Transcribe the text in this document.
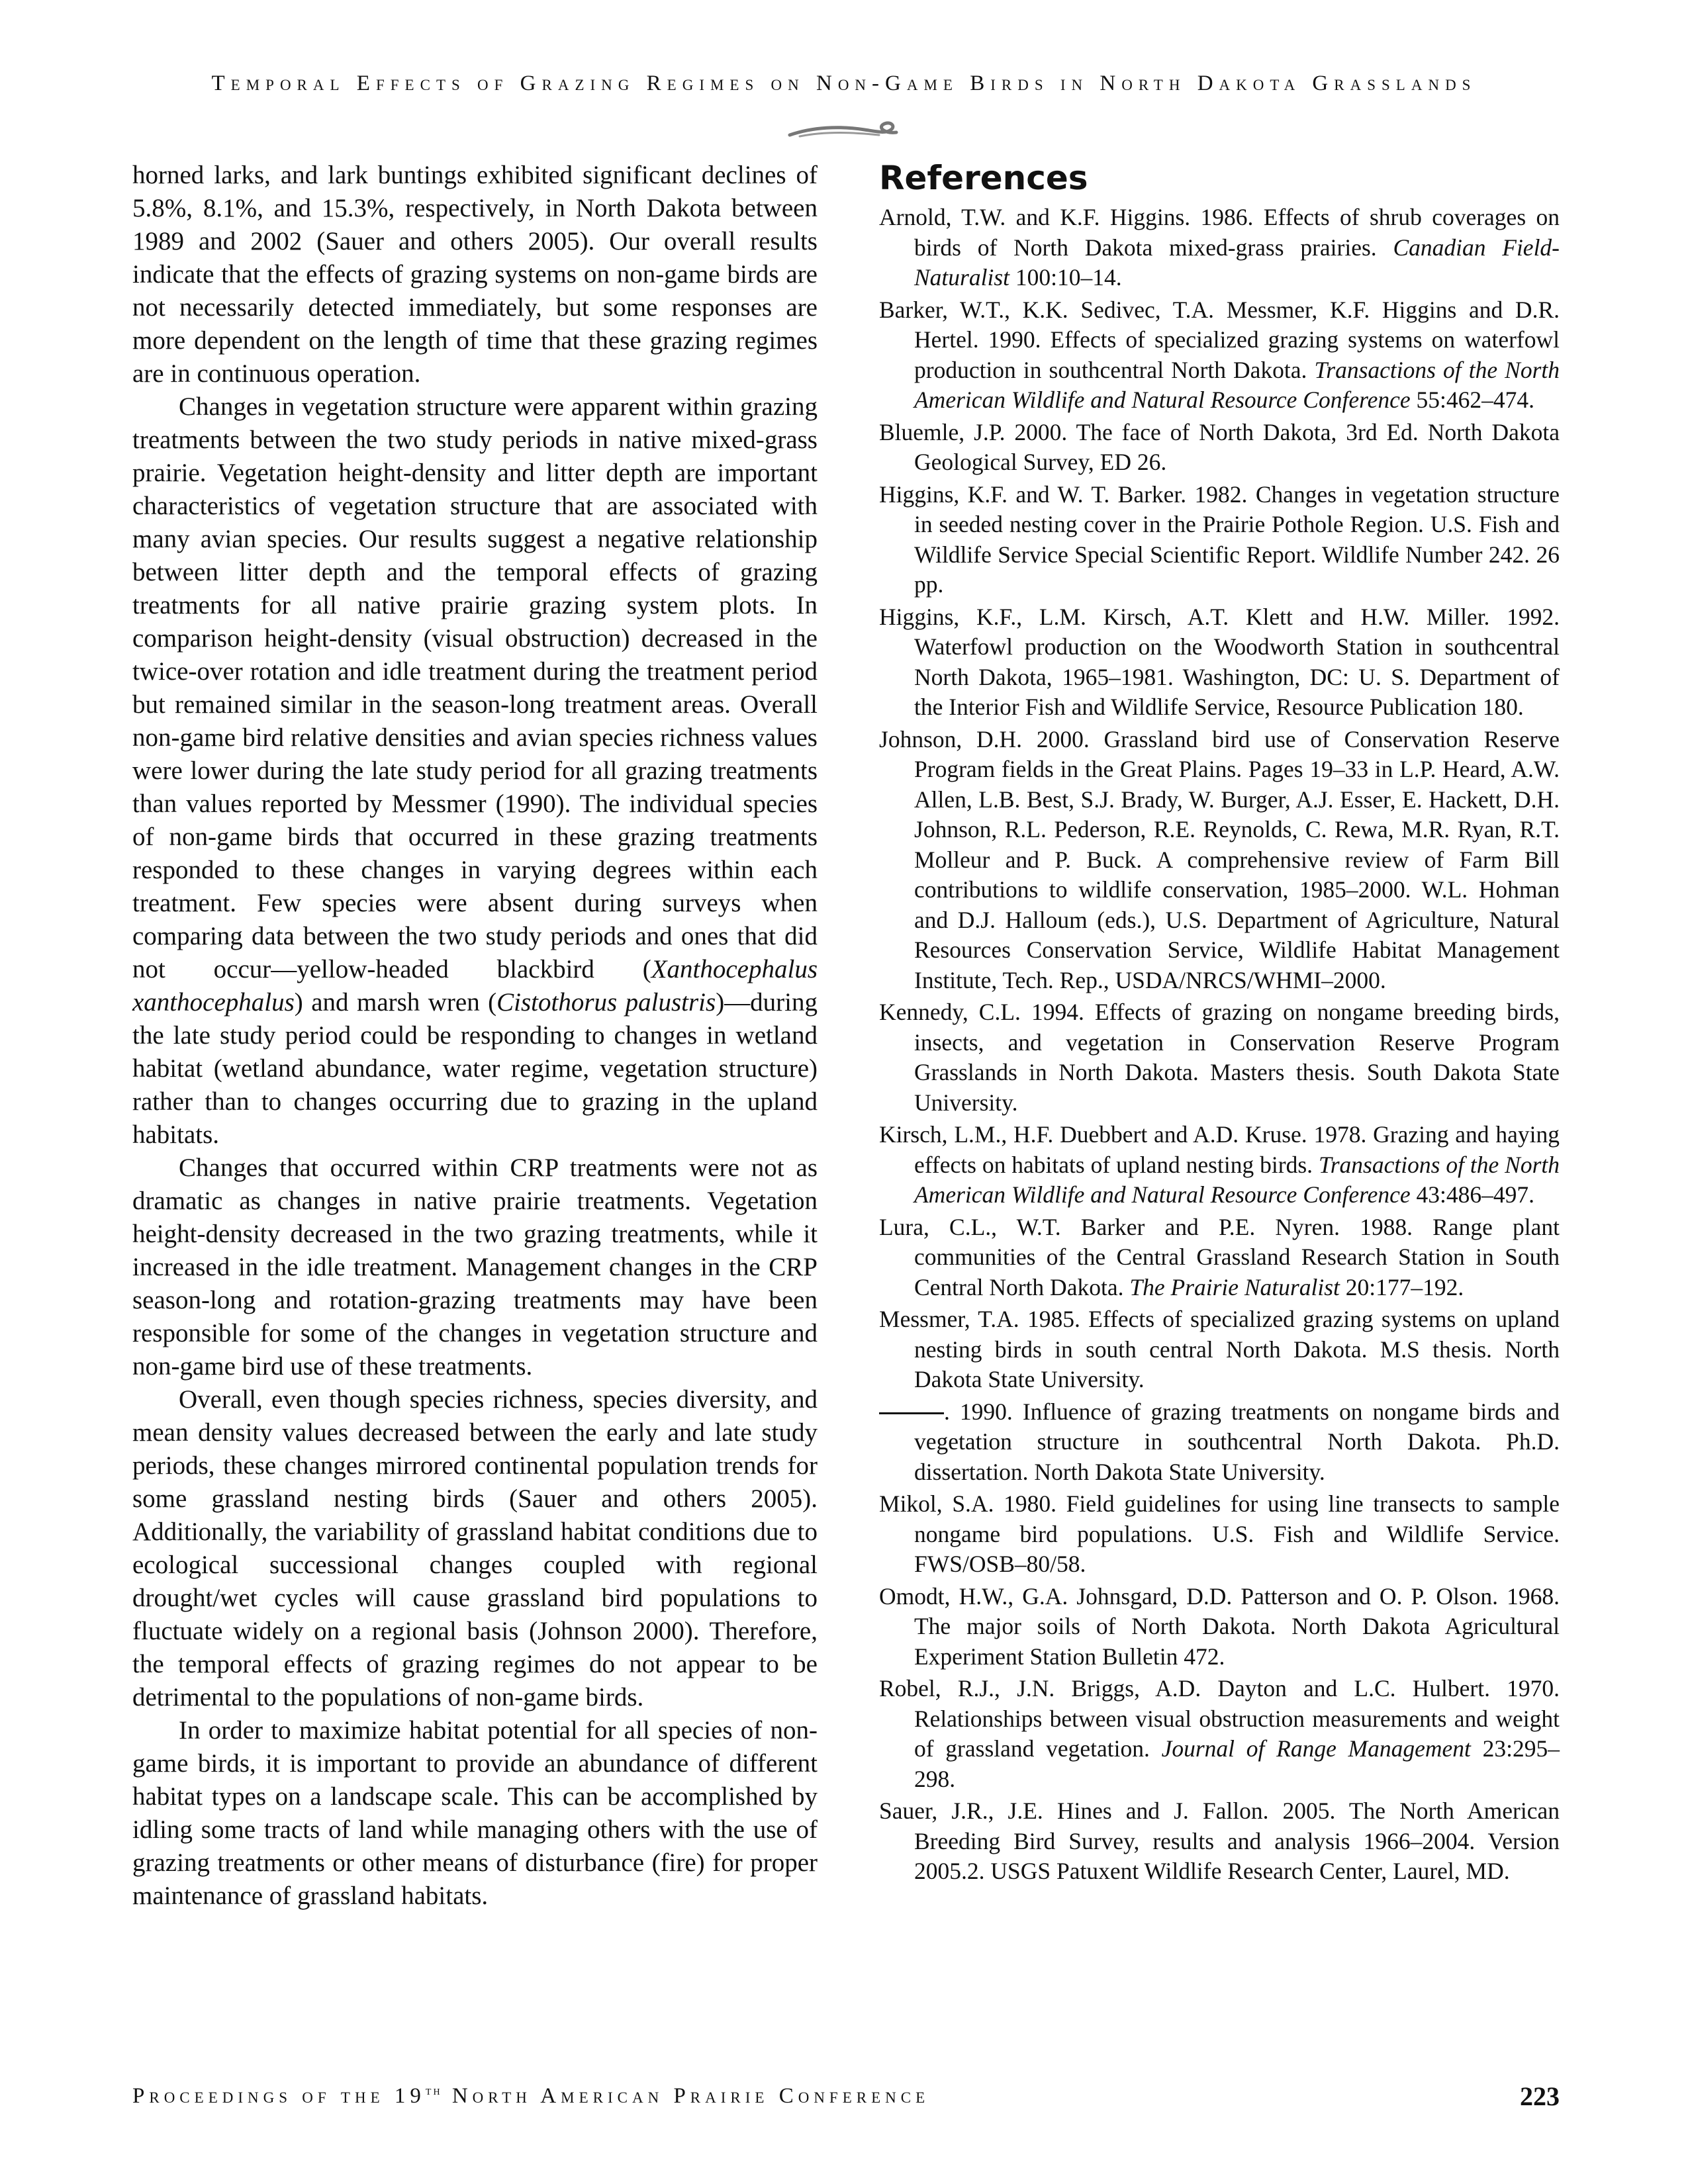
Temporal Effects of Grazing Regimes on Non-Game Birds in North Dakota Grasslands

horned larks, and lark buntings exhibited significant declines of 5.8%, 8.1%, and 15.3%, respectively, in North Dakota between 1989 and 2002 (Sauer and others 2005). Our overall results indicate that the effects of grazing systems on non-game birds are not necessarily detected immediately, but some responses are more dependent on the length of time that these grazing regimes are in continuous operation.

Changes in vegetation structure were apparent within grazing treatments between the two study periods in native mixed-grass prairie. Vegetation height-density and litter depth are important characteristics of vegetation structure that are associated with many avian species. Our results suggest a negative relationship between litter depth and the temporal effects of grazing treatments for all native prairie grazing system plots. In comparison height-density (visual obstruction) decreased in the twice-over rotation and idle treatment during the treatment period but remained similar in the season-long treatment areas. Overall non-game bird relative densities and avian species richness values were lower during the late study period for all grazing treatments than values reported by Messmer (1990). The individual species of non-game birds that occurred in these grazing treatments responded to these changes in varying degrees within each treatment. Few species were absent during surveys when comparing data between the two study periods and ones that did not occur—yellow-headed blackbird (Xanthocephalus xanthocephalus) and marsh wren (Cistothorus palustris)—during the late study period could be responding to changes in wetland habitat (wetland abundance, water regime, vegetation structure) rather than to changes occurring due to grazing in the upland habitats.

Changes that occurred within CRP treatments were not as dramatic as changes in native prairie treatments. Vegetation height-density decreased in the two grazing treatments, while it increased in the idle treatment. Management changes in the CRP season-long and rotation-grazing treatments may have been responsible for some of the changes in vegetation structure and non-game bird use of these treatments.

Overall, even though species richness, species diversity, and mean density values decreased between the early and late study periods, these changes mirrored continental population trends for some grassland nesting birds (Sauer and others 2005). Additionally, the variability of grassland habitat conditions due to ecological successional changes coupled with regional drought/wet cycles will cause grassland bird populations to fluctuate widely on a regional basis (Johnson 2000). Therefore, the temporal effects of grazing regimes do not appear to be detrimental to the populations of non-game birds.

In order to maximize habitat potential for all species of non-game birds, it is important to provide an abundance of different habitat types on a landscape scale. This can be accomplished by idling some tracts of land while managing others with the use of grazing treatments or other means of disturbance (fire) for proper maintenance of grassland habitats.

References
Arnold, T.W. and K.F. Higgins. 1986. Effects of shrub coverages on birds of North Dakota mixed-grass prairies. Canadian Field-Naturalist 100:10–14.
Barker, W.T., K.K. Sedivec, T.A. Messmer, K.F. Higgins and D.R. Hertel. 1990. Effects of specialized grazing systems on waterfowl production in southcentral North Dakota. Transactions of the North American Wildlife and Natural Resource Conference 55:462–474.
Bluemle, J.P. 2000. The face of North Dakota, 3rd Ed. North Dakota Geological Survey, ED 26.
Higgins, K.F. and W. T. Barker. 1982. Changes in vegetation structure in seeded nesting cover in the Prairie Pothole Region. U.S. Fish and Wildlife Service Special Scientific Report. Wildlife Number 242. 26 pp.
Higgins, K.F., L.M. Kirsch, A.T. Klett and H.W. Miller. 1992. Waterfowl production on the Woodworth Station in southcentral North Dakota, 1965–1981. Washington, DC: U. S. Department of the Interior Fish and Wildlife Service, Resource Publication 180.
Johnson, D.H. 2000. Grassland bird use of Conservation Reserve Program fields in the Great Plains. Pages 19–33 in L.P. Heard, A.W. Allen, L.B. Best, S.J. Brady, W. Burger, A.J. Esser, E. Hackett, D.H. Johnson, R.L. Pederson, R.E. Reynolds, C. Rewa, M.R. Ryan, R.T. Molleur and P. Buck. A comprehensive review of Farm Bill contributions to wildlife conservation, 1985–2000. W.L. Hohman and D.J. Halloum (eds.), U.S. Department of Agriculture, Natural Resources Conservation Service, Wildlife Habitat Management Institute, Tech. Rep., USDA/NRCS/WHMI–2000.
Kennedy, C.L. 1994. Effects of grazing on nongame breeding birds, insects, and vegetation in Conservation Reserve Program Grasslands in North Dakota. Masters thesis. South Dakota State University.
Kirsch, L.M., H.F. Duebbert and A.D. Kruse. 1978. Grazing and haying effects on habitats of upland nesting birds. Transactions of the North American Wildlife and Natural Resource Conference 43:486–497.
Lura, C.L., W.T. Barker and P.E. Nyren. 1988. Range plant communities of the Central Grassland Research Station in South Central North Dakota. The Prairie Naturalist 20:177–192.
Messmer, T.A. 1985. Effects of specialized grazing systems on upland nesting birds in south central North Dakota. M.S thesis. North Dakota State University.
. 1990. Influence of grazing treatments on nongame birds and vegetation structure in southcentral North Dakota. Ph.D. dissertation. North Dakota State University.
Mikol, S.A. 1980. Field guidelines for using line transects to sample nongame bird populations. U.S. Fish and Wildlife Service. FWS/OSB–80/58.
Omodt, H.W., G.A. Johnsgard, D.D. Patterson and O. P. Olson. 1968. The major soils of North Dakota. North Dakota Agricultural Experiment Station Bulletin 472.
Robel, R.J., J.N. Briggs, A.D. Dayton and L.C. Hulbert. 1970. Relationships between visual obstruction measurements and weight of grassland vegetation. Journal of Range Management 23:295–298.
Sauer, J.R., J.E. Hines and J. Fallon. 2005. The North American Breeding Bird Survey, results and analysis 1966–2004. Version 2005.2. USGS Patuxent Wildlife Research Center, Laurel, MD.
Proceedings of the 19th North American Prairie Conference	223
